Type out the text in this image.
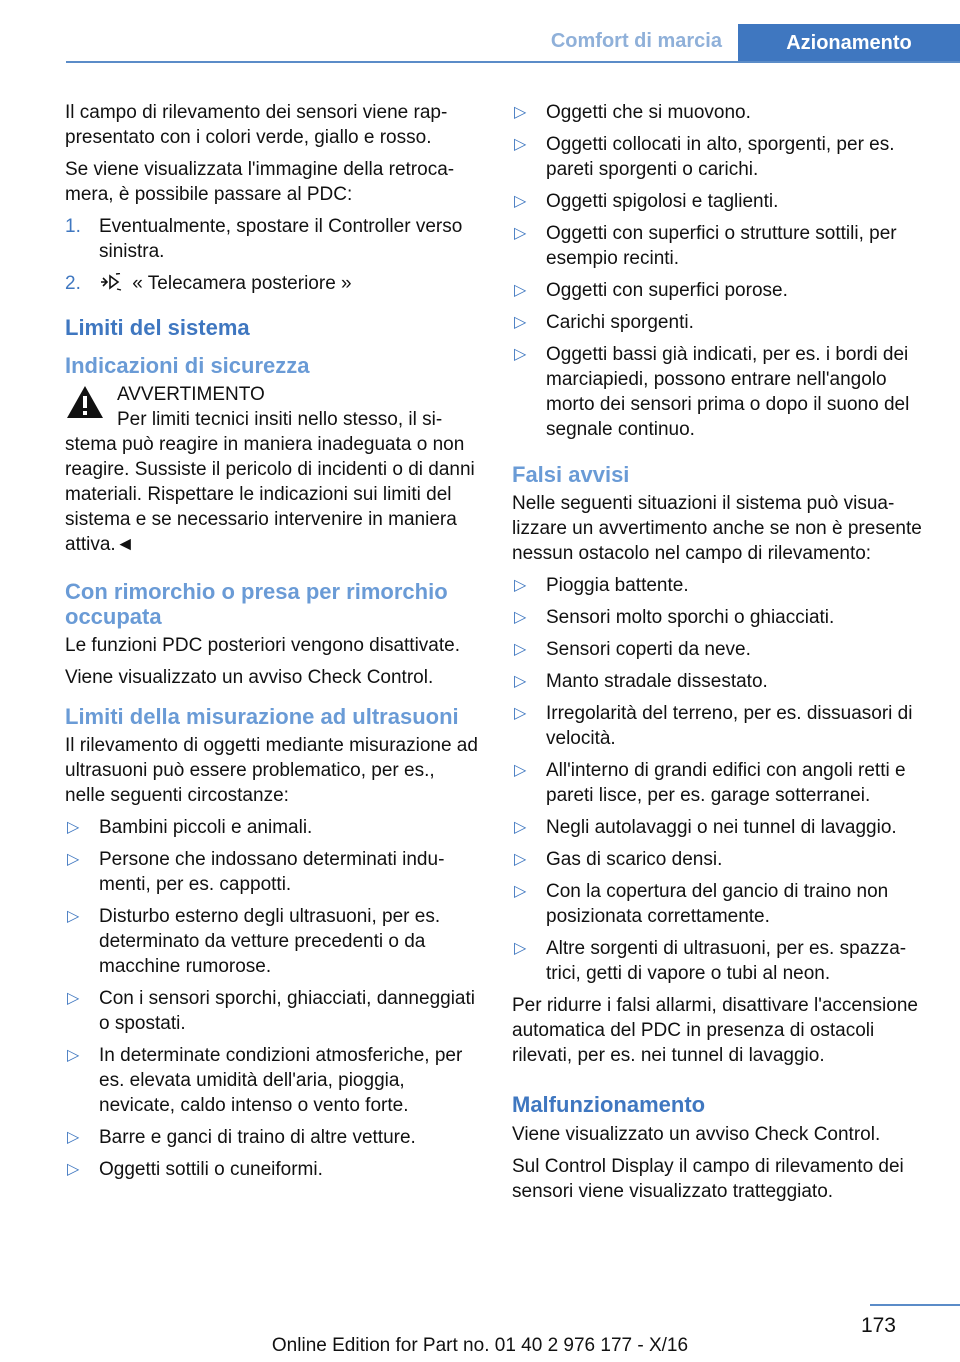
Comfort di marcia	Azionamento

Il campo di rilevamento dei sensori viene rappresentato con i colori verde, giallo e rosso.

Se viene visualizzata l'immagine della retrocamera, è possibile passare al PDC:

1. Eventualmente, spostare il Controller verso sinistra.
2.	« Telecamera posteriore »
Limiti del sistema
Indicazioni di sicurezza
AVVERTIMENTO
Per limiti tecnici insiti nello stesso, il sistema può reagire in maniera inadeguata o non reagire. Sussiste il pericolo di incidenti o di danni materiali. Rispettare le indicazioni sui limiti del sistema e se necessario intervenire in maniera attiva.◄
Con rimorchio o presa per rimorchio occupata

Le funzioni PDC posteriori vengono disattivate.

Viene visualizzato un avviso Check Control.

Limiti della misurazione ad ultrasuoni

Il rilevamento di oggetti mediante misurazione ad ultrasuoni può essere problematico, per es., nelle seguenti circostanze:

▷ Bambini piccoli e animali.
▷ Persone che indossano determinati indumenti, per es. cappotti.
▷ Disturbo esterno degli ultrasuoni, per es. determinato da vetture precedenti o da macchine rumorose.
▷ Con i sensori sporchi, ghiacciati, danneggiati o spostati.
▷ In determinate condizioni atmosferiche, per es. elevata umidità dell'aria, pioggia, nevicate, caldo intenso o vento forte.
▷ Barre e ganci di traino di altre vetture.
▷ Oggetti sottili o cuneiformi.
▷ Oggetti che si muovono.
▷ Oggetti collocati in alto, sporgenti, per es. pareti sporgenti o carichi.
▷ Oggetti spigolosi e taglienti.
▷ Oggetti con superfici o strutture sottili, per esempio recinti.
▷ Oggetti con superfici porose.
▷ Carichi sporgenti.
▷ Oggetti bassi già indicati, per es. i bordi dei marciapiedi, possono entrare nell'angolo morto dei sensori prima o dopo il suono del segnale continuo.
Falsi avvisi

Nelle seguenti situazioni il sistema può visualizzare un avvertimento anche se non è presente nessun ostacolo nel campo di rilevamento:

▷ Pioggia battente.
▷ Sensori molto sporchi o ghiacciati.
▷ Sensori coperti da neve.
▷ Manto stradale dissestato.
▷ Irregolarità del terreno, per es. dissuasori di velocità.
▷ All'interno di grandi edifici con angoli retti e pareti lisce, per es. garage sotterranei.
▷ Negli autolavaggi o nei tunnel di lavaggio.
▷ Gas di scarico densi.
▷ Con la copertura del gancio di traino non posizionata correttamente.
▷ Altre sorgenti di ultrasuoni, per es. spazzatrici, getti di vapore o tubi al neon.

Per ridurre i falsi allarmi, disattivare l'accensione automatica del PDC in presenza di ostacoli rilevati, per es. nei tunnel di lavaggio.

Malfunzionamento

Viene visualizzato un avviso Check Control.

Sul Control Display il campo di rilevamento dei sensori viene visualizzato tratteggiato.

173
Online Edition for Part no. 01 40 2 976 177 - X/16
